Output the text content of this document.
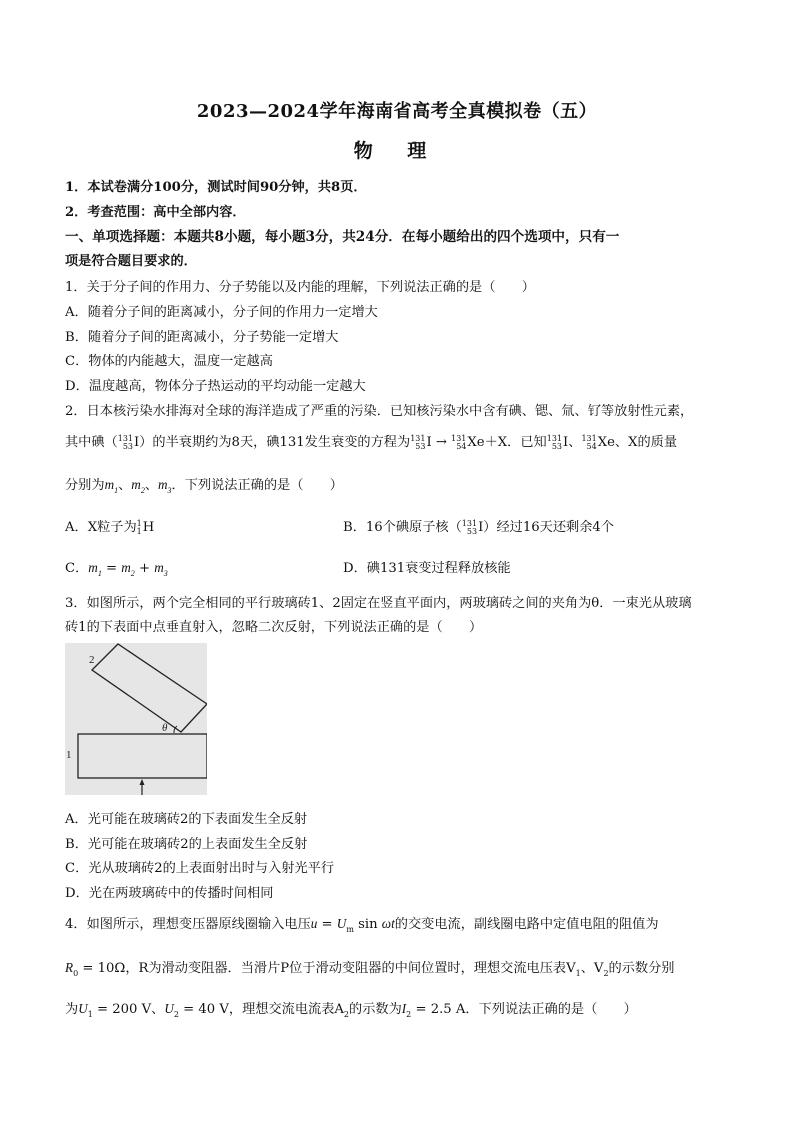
2023—2024学年海南省高考全真模拟卷（五）
物 理
1．本试卷满分100分，测试时间90分钟，共8页．
2．考查范围：高中全部内容．
一、单项选择题：本题共8小题，每小题3分，共24分．在每小题给出的四个选项中，只有一
项是符合题目要求的．
1．关于分子间的作用力、分子势能以及内能的理解，下列说法正确的是（　　）
A．随着分子间的距离减小，分子间的作用力一定增大
B．随着分子间的距离减小，分子势能一定增大
C．物体的内能越大，温度一定越高
D．温度越高，物体分子热运动的平均动能一定越大
2．日本核污染水排海对全球的海洋造成了严重的污染．已知核污染水中含有碘、锶、氚、钌等放射性元素，
其中碘（ 131
53 I）的半衰期约为8天，碘131发生衰变的方程为 131
53 I → 131
54 Xe＋X．已知 131
53 I、 131
54 Xe、X的质量
分别为$m_1$、$m_2$、$m_3$．下列说法正确的是（　　）
A．X粒子为 1
1 H	B．16个碘原子核（ 131
53 I）经过16天还剩余4个
C．$m_1 = m_2 + m_3$	D．碘131衰变过程释放核能
3．如图所示，两个完全相同的平行玻璃砖1、2固定在竖直平面内，两玻璃砖之间的夹角为θ．一束光从玻璃
砖1的下表面中点垂直射入，忽略二次反射，下列说法正确的是（　　）
2
1
θ
A．光可能在玻璃砖2的下表面发生全反射
B．光可能在玻璃砖2的上表面发生全反射
C．光从玻璃砖2的上表面射出时与入射光平行
D．光在两玻璃砖中的传播时间相同
4．如图所示，理想变压器原线圈输入电压$u = U_m$ sin ωt的交变电流，副线圈电路中定值电阻的阻值为
$R_0 = 10\Omega$，R为滑动变阻器．当滑片P位于滑动变阻器的中间位置时，理想交流电压表$V_1$、$V_2$的示数分别
为$U_1 = 200$ V、$U_2 = 40$ V，理想交流电流表$A_2$的示数为$I_2 = 2.5$ A．下列说法正确的是（　　）
